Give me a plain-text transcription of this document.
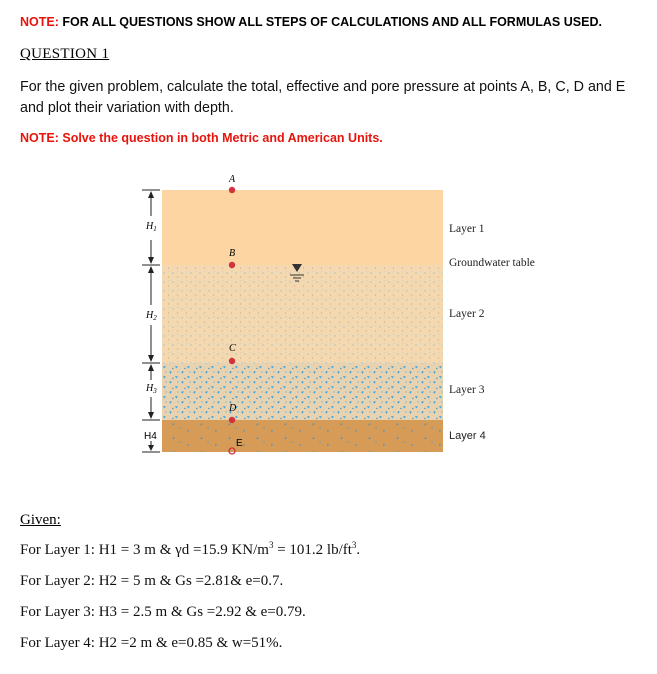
NOTE: FOR ALL QUESTIONS SHOW ALL STEPS OF CALCULATIONS AND ALL FORMULAS USED.
QUESTION 1
For the given problem, calculate the total, effective and pore pressure at points A, B, C, D and E and plot their variation with depth.
NOTE: Solve the question in both Metric and American Units.
$H_1$
$H_2$
$H_3$
H4
A
B
C
D
E
Layer 1
Groundwater table
Layer 2
Layer 3
Layer 4
Given:
For Layer 1: H1 = 3 m & γd =15.9 $KN/m^3 = 101.2$ $lb/ft^3$.
For Layer 2: H2 = 5 m & Gs =2.81& e=0.7.
For Layer 3: H3 = 2.5 m & Gs =2.92 & e=0.79.
For Layer 4: H2 =2 m & e=0.85 & w=51%.
